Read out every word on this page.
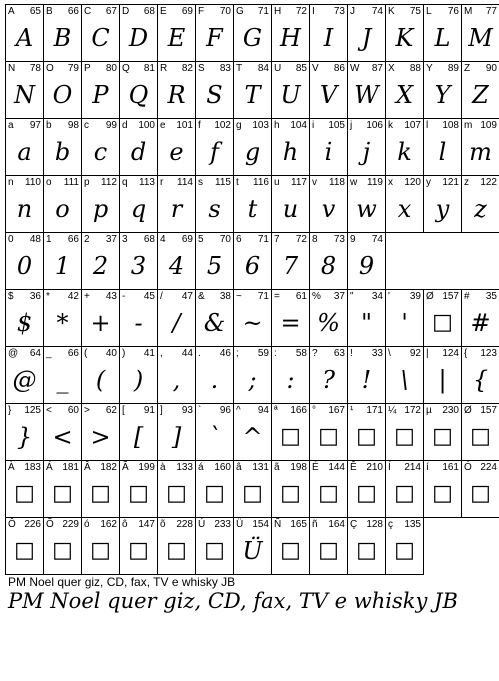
A 65
A
B 66
B
C 67
C
D 68
D
E 69
E
F 70
F
G 71
G
H 72
H
I 73
I
J 74
J
K 75
K
L 76
L
M 77
M
N 78
N
O 79
O
P 80
P
Q 81
Q
R 82
R
S 83
S
T 84
T
U 85
U
V 86
V
W 87
W
X 88
X
Y 89
Y
Z 90
Z
a 97
a
b 98
b
c 99
c
d 100
d
e 101
e
f 102
f
g 103
g
h 104
h
i 105
i
j 106
j
k 107
k
l 108
l
m 109
m
n 110
n
o 111
o
p 112
p
q 113
q
r 114
r
s 115
s
t 116
t
u 117
u
v 118
v
w 119
w
x 120
x
y 121
y
z 122
z
0 48
0
1 66
1
2 37
2
3 68
3
4 69
4
5 70
5
6 71
6
7 72
7
8 73
8
9 74
9
$ 36
$
* 42
*
+ 43
+
- 45
-
/ 47
/
& 38
&
~ 71
~
= 61
=
% 37
%
" 34
"
' 39
'
Ø 157
□
# 35
#
@ 64
@
_ 66
_
( 40
(
) 41
)
, 44
,
. 46
.
; 59
;
: 58
:
? 63
?
! 33
!
\ 92
\
| 124
|
{ 123
{
} 125
}
< 60
<
> 62
>
[ 91
[
] 93
]
` 96
`
^ 94
^
ª 166
□
° 167
□
¹ 171
□
¼ 172
□
µ 230
□
Ø 157
□
À 183
□
Á 181
□
Â 182
□
Ã 199
□
à 133
□
á 160
□
â 131
□
ã 198
□
É 144
□
Ê 210
□
Í 214
□
í 161
□
Ó 224
□
Ô 226
□
Õ 229
□
ó 162
□
ô 147
□
õ 228
□
Ú 233
□
Ü 154
Ü
Ñ 165
□
ñ 164
□
Ç 128
□
ç 135
□
PM Noel quer giz, CD, fax, TV e whisky JB
PM Noel quer giz, CD, fax, TV e whisky JB
